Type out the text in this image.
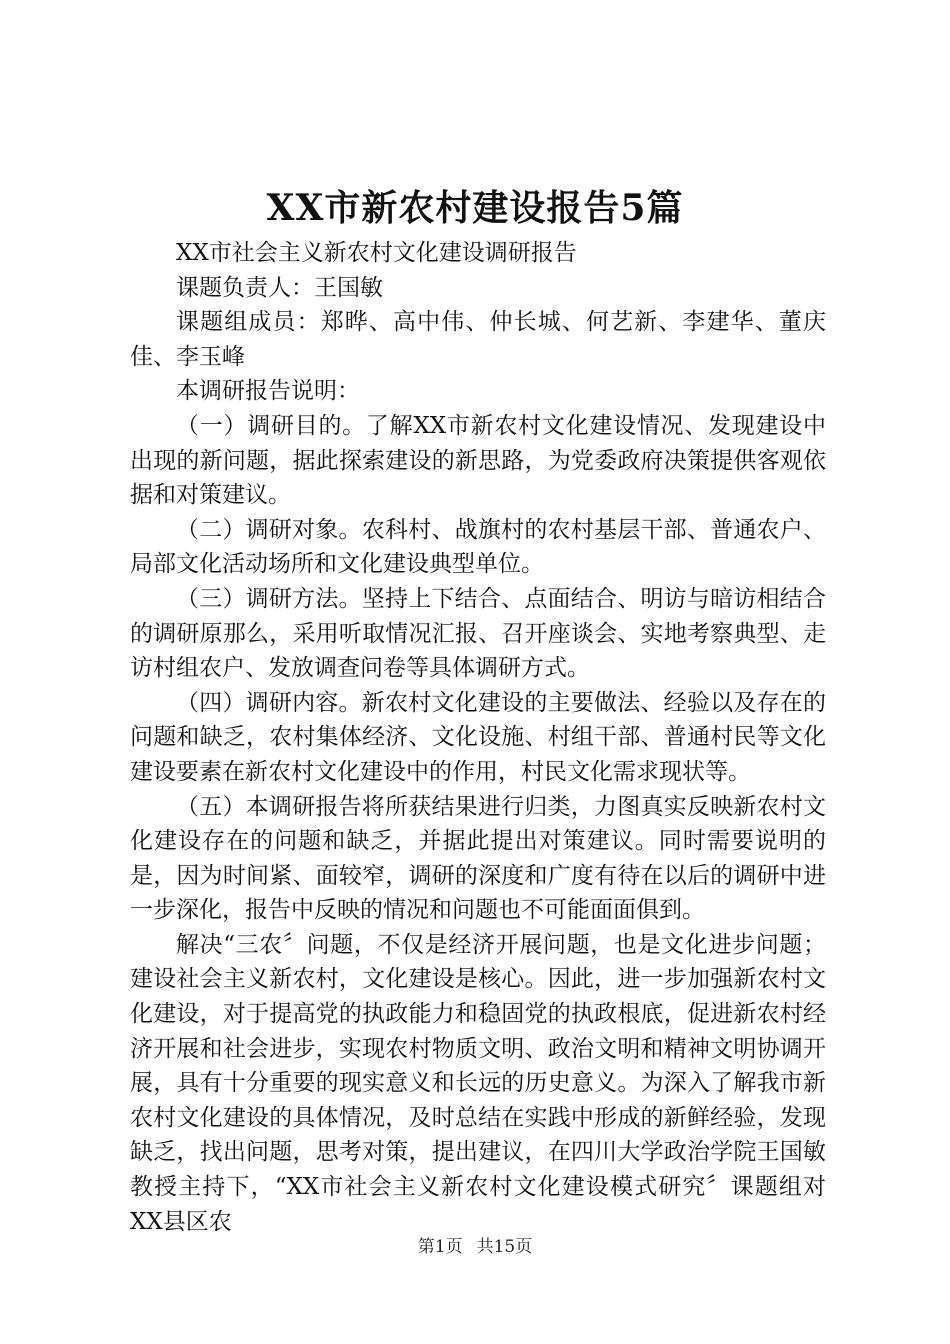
XX市新农村建设报告5篇

XX市社会主义新农村文化建设调研报告

课题负责人：王国敏

课题组成员：郑晔、高中伟、仲长城、何艺新、李建华、董庆佳、李玉峰

本调研报告说明：

（一）调研目的。了解XX市新农村文化建设情况、发现建设中出现的新问题，据此探索建设的新思路，为党委政府决策提供客观依据和对策建议。

（二）调研对象。农科村、战旗村的农村基层干部、普通农户、局部文化活动场所和文化建设典型单位。

（三）调研方法。坚持上下结合、点面结合、明访与暗访相结合的调研原那么，采用听取情况汇报、召开座谈会、实地考察典型、走访村组农户、发放调查问卷等具体调研方式。

（四）调研内容。新农村文化建设的主要做法、经验以及存在的问题和缺乏，农村集体经济、文化设施、村组干部、普通村民等文化建设要素在新农村文化建设中的作用，村民文化需求现状等。

（五）本调研报告将所获结果进行归类，力图真实反映新农村文化建设存在的问题和缺乏，并据此提出对策建议。同时需要说明的是，因为时间紧、面较窄，调研的深度和广度有待在以后的调研中进一步深化，报告中反映的情况和问题也不可能面面俱到。

解决“三农〞问题，不仅是经济开展问题，也是文化进步问题；建设社会主义新农村，文化建设是核心。因此，进一步加强新农村文化建设，对于提高党的执政能力和稳固党的执政根底，促进新农村经济开展和社会进步，实现农村物质文明、政治文明和精神文明协调开展，具有十分重要的现实意义和长远的历史意义。为深入了解我市新农村文化建设的具体情况，及时总结在实践中形成的新鲜经验，发现缺乏，找出问题，思考对策，提出建议，在四川大学政治学院王国敏教授主持下，“XX市社会主义新农村文化建设模式研究〞课题组对XX县区农

第1页 共15页
